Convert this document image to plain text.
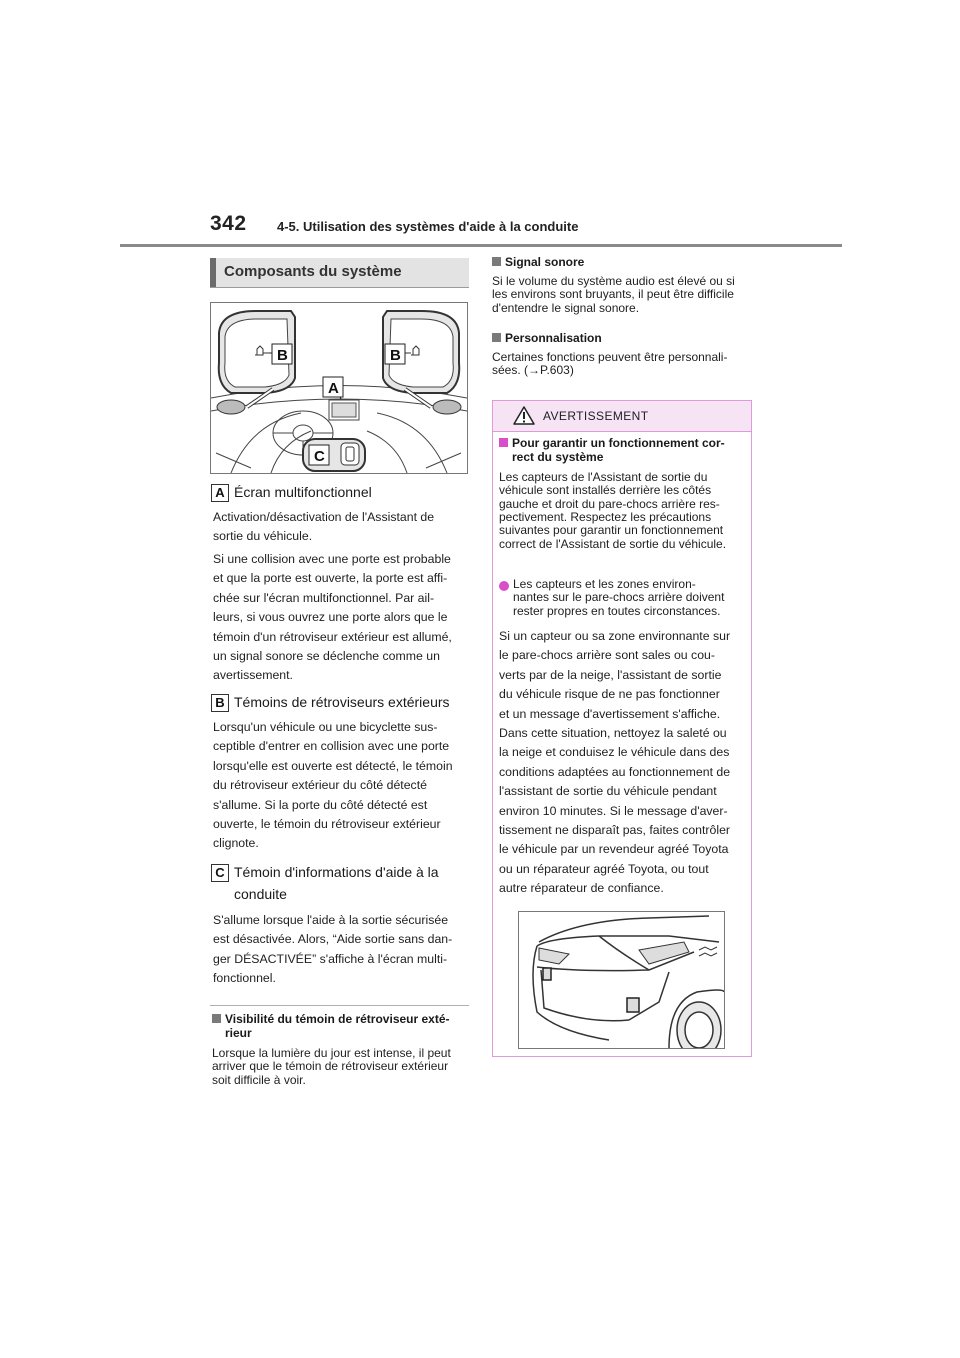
342 4-5. Utilisation des systèmes d'aide à la conduite
Composants du système
B	B
A
C
A Écran multifonctionnel
Activation/désactivation de l'Assistant de
sortie du véhicule.
Si une collision avec une porte est probable
et que la porte est ouverte, la porte est affi-
chée sur l'écran multifonctionnel. Par ail-
leurs, si vous ouvrez une porte alors que le
témoin d'un rétroviseur extérieur est allumé,
un signal sonore se déclenche comme un
avertissement.
B Témoins de rétroviseurs extérieurs
Lorsqu'un véhicule ou une bicyclette sus-
ceptible d'entrer en collision avec une porte
lorsqu'elle est ouverte est détecté, le témoin
du rétroviseur extérieur du côté détecté
s'allume. Si la porte du côté détecté est
ouverte, le témoin du rétroviseur extérieur
clignote.
C Témoin d'informations d'aide à la
conduite
S'allume lorsque l'aide à la sortie sécurisée
est désactivée. Alors, “Aide sortie sans dan-
ger DÉSACTIVÉE” s'affiche à l'écran multi-
fonctionnel.
Visibilité du témoin de rétroviseur exté-
rieur
Lorsque la lumière du jour est intense, il peut
arriver que le témoin de rétroviseur extérieur
soit difficile à voir.
Signal sonore
Si le volume du système audio est élevé ou si
les environs sont bruyants, il peut être difficile
d'entendre le signal sonore.
Personnalisation
Certaines fonctions peuvent être personnali-
sées. (→P.603)
AVERTISSEMENT
Pour garantir un fonctionnement cor-
rect du système
Les capteurs de l'Assistant de sortie du
véhicule sont installés derrière les côtés
gauche et droit du pare-chocs arrière res-
pectivement. Respectez les précautions
suivantes pour garantir un fonctionnement
correct de l'Assistant de sortie du véhicule.
Les capteurs et les zones environ-
nantes sur le pare-chocs arrière doivent
rester propres en toutes circonstances.
Si un capteur ou sa zone environnante sur
le pare-chocs arrière sont sales ou cou-
verts par de la neige, l'assistant de sortie
du véhicule risque de ne pas fonctionner
et un message d'avertissement s'affiche.
Dans cette situation, nettoyez la saleté ou
la neige et conduisez le véhicule dans des
conditions adaptées au fonctionnement de
l'assistant de sortie du véhicule pendant
environ 10 minutes. Si le message d'aver-
tissement ne disparaît pas, faites contrôler
le véhicule par un revendeur agréé Toyota
ou un réparateur agréé Toyota, ou tout
autre réparateur de confiance.
